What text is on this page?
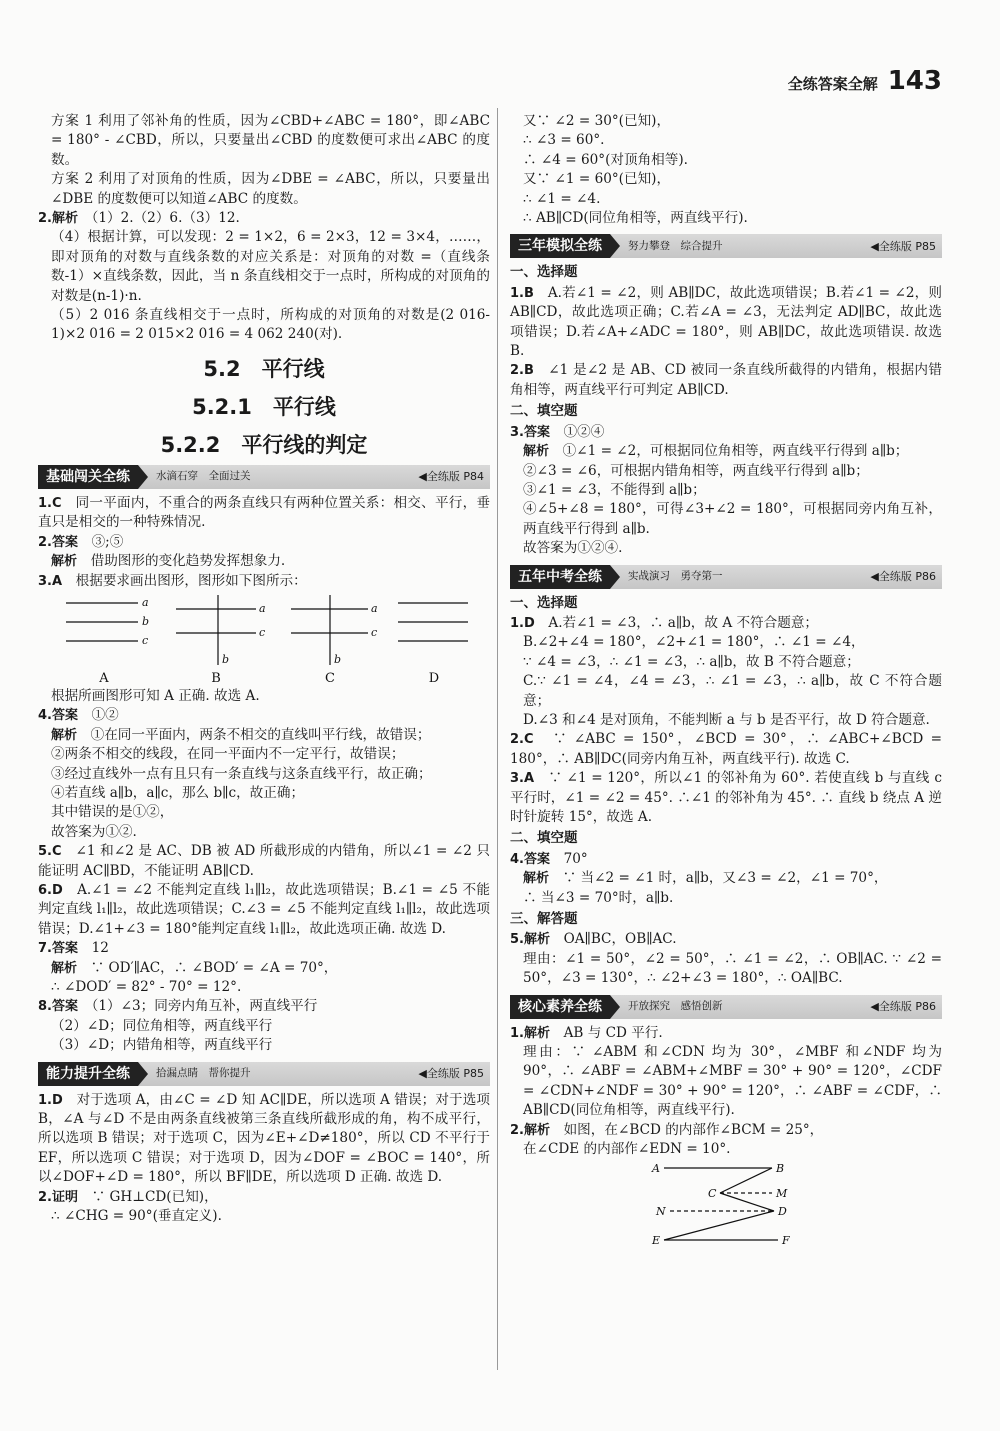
全练答案全解 143

方案 1 利用了邻补角的性质，因为∠CBD+∠ABC = 180°，即∠ABC = 180° - ∠CBD，所以，只要量出∠CBD 的度数便可求出∠ABC 的度数。

方案 2 利用了对顶角的性质，因为∠DBE = ∠ABC，所以，只要量出∠DBE 的度数便可以知道∠ABC 的度数。

2.解析　 （1）2.（2）6.（3）12.

（4）根据计算，可以发现：2 = 1×2，6 = 2×3，12 = 3×4，……，即对顶角的对数与直线条数的对应关系是：对顶角的对数 =（直线条数-1）×直线条数，因此，当 n 条直线相交于一点时，所构成的对顶角的对数是(n-1)·n.

（5）2 016 条直线相交于一点时，所构成的对顶角的对数是(2 016-1)×2 016 = 2 015×2 016 = 4 062 240(对).

5.2　平行线
5.2.1　平行线
5.2.2　平行线的判定
基础闯关全练	水滴石穿　全面过关	◀全练版 P84

1.C　 同一平面内，不重合的两条直线只有两种位置关系：相交、平行，垂直只是相交的一种特殊情况.

2.答案　 ③;⑤

解析　 借助图形的变化趋势发挥想象力.

3.A　 根据要求画出图形，图形如下图所示：

a
b
c
a
c
b
a
c
b
A	B	C	D

根据所画图形可知 A 正确. 故选 A.

4.答案　 ①②

解析　 ①在同一平面内，两条不相交的直线叫平行线，故错误；

②两条不相交的线段，在同一平面内不一定平行，故错误；

③经过直线外一点有且只有一条直线与这条直线平行，故正确；

④若直线 a∥b，a∥c，那么 b∥c，故正确；

其中错误的是①②，

故答案为①②.

5.C　 ∠1 和∠2 是 AC、DB 被 AD 所截形成的内错角，所以∠1 = ∠2 只能证明 AC∥BD，不能证明 AB∥CD.

6.D　 A.∠1 = ∠2 不能判定直线 l₁∥l₂，故此选项错误；B.∠1 = ∠5 不能判定直线 l₁∥l₂，故此选项错误；C.∠3 = ∠5 不能判定直线 l₁∥l₂，故此选项错误；D.∠1+∠3 = 180°能判定直线 l₁∥l₂，故此选项正确. 故选 D.

7.答案　 12

解析　 ∵ OD′∥AC，∴ ∠BOD′ = ∠A = 70°，

∴ ∠DOD′ = 82° - 70° = 12°.

8.答案　 （1）∠3；同旁内角互补，两直线平行

（2）∠D；同位角相等，两直线平行

（3）∠D；内错角相等，两直线平行

能力提升全练	拾漏点睛　帮你提升	◀全练版 P85

1.D　 对于选项 A，由∠C = ∠D 知 AC∥DE，所以选项 A 错误；对于选项 B，∠A 与∠D 不是由两条直线被第三条直线所截形成的角，构不成平行，所以选项 B 错误；对于选项 C，因为∠E+∠D≠180°，所以 CD 不平行于 EF，所以选项 C 错误；对于选项 D，因为∠DOF = ∠BOC = 140°，所以∠DOF+∠D = 180°，所以 BF∥DE，所以选项 D 正确. 故选 D.

2.证明　 ∵ GH⊥CD(已知)，

∴ ∠CHG = 90°(垂直定义).

又∵ ∠2 = 30°(已知)，

∴ ∠3 = 60°.

∴ ∠4 = 60°(对顶角相等).

又∵ ∠1 = 60°(已知)，

∴ ∠1 = ∠4.

∴ AB∥CD(同位角相等，两直线平行).

三年模拟全练	努力攀登　综合提升	◀全练版 P85
一、选择题

1.B　 A.若∠1 = ∠2，则 AB∥DC，故此选项错误；B.若∠1 = ∠2，则 AB∥CD，故此选项正确；C.若∠A = ∠3，无法判定 AD∥BC，故此选项错误；D.若∠A+∠ADC = 180°，则 AB∥DC，故此选项错误. 故选 B.

2.B　 ∠1 是∠2 是 AB、CD 被同一条直线所截得的内错角，根据内错角相等，两直线平行可判定 AB∥CD.

二、填空题

3.答案　 ①②④

解析　 ①∠1 = ∠2，可根据同位角相等，两直线平行得到 a∥b；

②∠3 = ∠6，可根据内错角相等，两直线平行得到 a∥b；

③∠1 = ∠3，不能得到 a∥b；

④∠5+∠8 = 180°，可得∠3+∠2 = 180°，可根据同旁内角互补，两直线平行得到 a∥b.

故答案为①②④.

五年中考全练	实战演习　勇夺第一	◀全练版 P86
一、选择题

1.D　 A.若∠1 = ∠3，∴ a∥b，故 A 不符合题意；

B.∠2+∠4 = 180°，∠2+∠1 = 180°，∴ ∠1 = ∠4，

∵ ∠4 = ∠3，∴ ∠1 = ∠3，∴ a∥b，故 B 不符合题意；

C.∵ ∠1 = ∠4，∠4 = ∠3，∴ ∠1 = ∠3，∴ a∥b，故 C 不符合题意；

D.∠3 和∠4 是对顶角，不能判断 a 与 b 是否平行，故 D 符合题意.

2.C　 ∵ ∠ABC = 150°，∠BCD = 30°，∴ ∠ABC+∠BCD = 180°，∴ AB∥DC(同旁内角互补，两直线平行). 故选 C.

3.A　 ∵ ∠1 = 120°，所以∠1 的邻补角为 60°. 若使直线 b 与直线 c 平行时，∠1 = ∠2 = 45°. ∴∠1 的邻补角为 45°. ∴ 直线 b 绕点 A 逆时针旋转 15°，故选 A.

二、填空题

4.答案　 70°

解析　 ∵ 当∠2 = ∠1 时，a∥b，又∠3 = ∠2，∠1 = 70°，

∴ 当∠3 = 70°时，a∥b.

三、解答题

5.解析　 OA∥BC，OB∥AC.

理由：∠1 = 50°，∠2 = 50°，∴ ∠1 = ∠2，∴ OB∥AC. ∵ ∠2 = 50°，∠3 = 130°，∴ ∠2+∠3 = 180°，∴ OA∥BC.

核心素养全练	开放探究　感悟创新	◀全练版 P86

1.解析　 AB 与 CD 平行.

理由：∵ ∠ABM 和∠CDN 均为 30°，∠MBF 和∠NDF 均为 90°，∴ ∠ABF = ∠ABM+∠MBF = 30° + 90° = 120°，∠CDF = ∠CDN+∠NDF = 30° + 90° = 120°，∴ ∠ABF = ∠CDF，∴ AB∥CD(同位角相等，两直线平行).

2.解析　 如图，在∠BCD 的内部作∠BCM = 25°，

在∠CDE 的内部作∠EDN = 10°.

A	B
C	M
N	D
E	F
